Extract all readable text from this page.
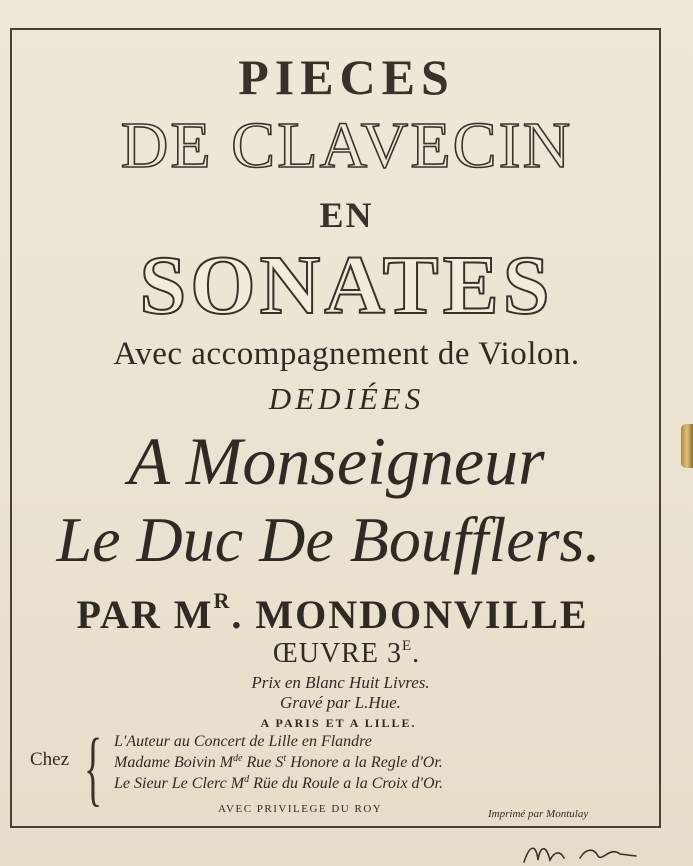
PIECES

DE CLAVECIN

EN

SONATES

Avec accompagnement de Violon.

DEDIÉES

A Monseigneur

Le Duc De Boufflers.

PAR $M^R$. MONDONVILLE

ŒUVRE $3^E$.

Prix en Blanc Huit Livres.

Gravé par L.Hue.

A PARIS ET A LILLE.

Chez { L'Auteur au Concert de Lille en Flandre
Madame Boivin Mde Rue $S^t$ Honore a la Regle d'Or.
Le Sieur Le Clerc $M^d$ Rüe du Roule a la Croix d'Or.
AVEC PRIVILEGE DU ROY	Imprimé par Montulay
